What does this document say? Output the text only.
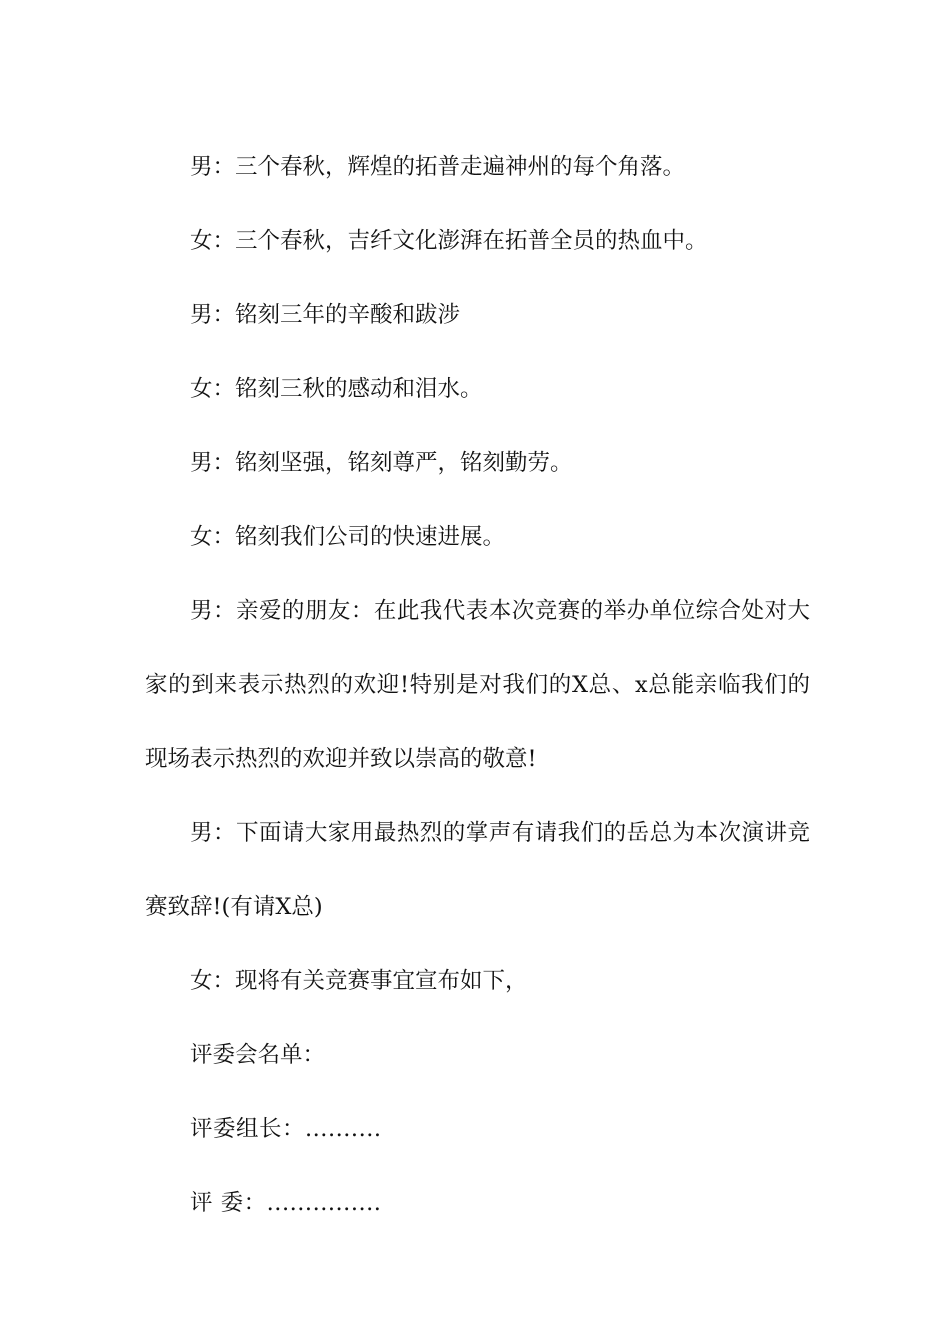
男：三个春秋，辉煌的拓普走遍神州的每个角落。

女：三个春秋，吉纤文化澎湃在拓普全员的热血中。

男：铭刻三年的辛酸和跋涉

女：铭刻三秋的感动和泪水。

男：铭刻坚强，铭刻尊严，铭刻勤劳。

女：铭刻我们公司的快速进展。

男：亲爱的朋友：在此我代表本次竞赛的举办单位综合处对大家的到来表示热烈的欢迎!特别是对我们的X总、x总能亲临我们的现场表示热烈的欢迎并致以崇高的敬意!

男：下面请大家用最热烈的掌声有请我们的岳总为本次演讲竞赛致辞!(有请X总)

女：现将有关竞赛事宜宣布如下，

评委会名单：

评委组长：..........

评 委：...............
